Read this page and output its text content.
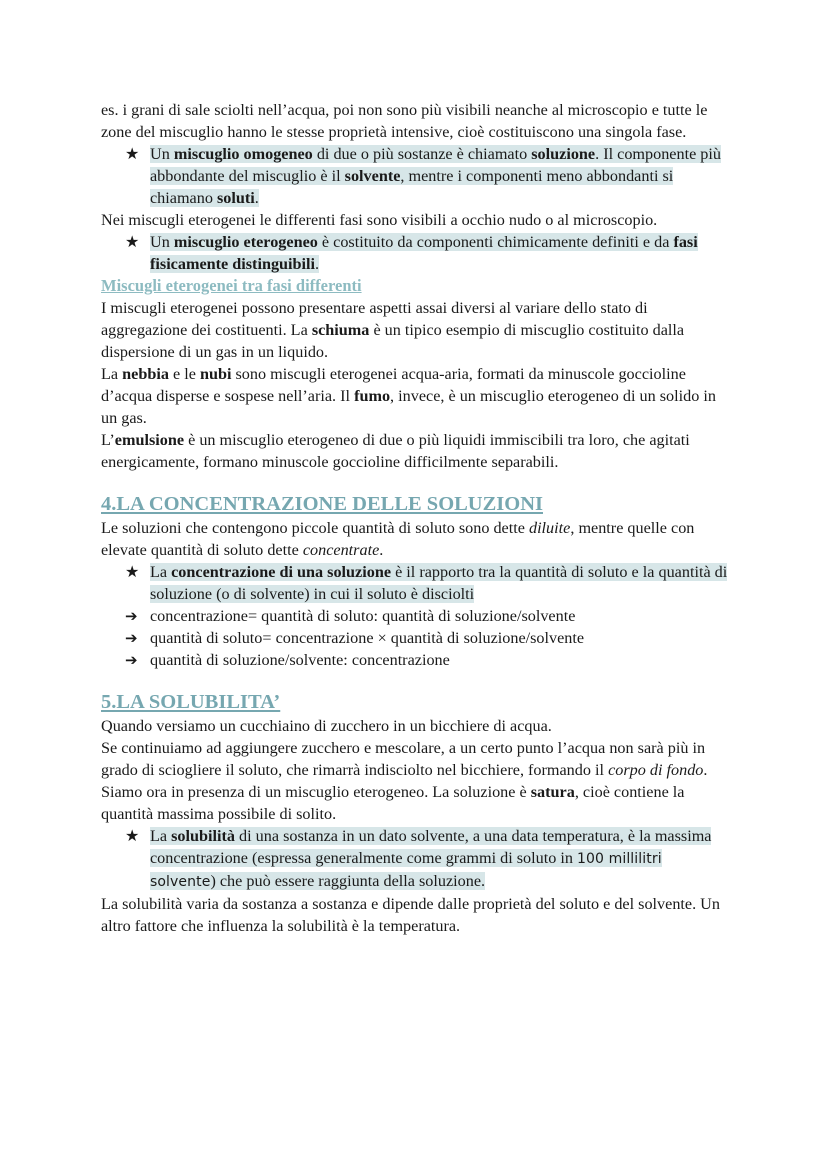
es. i grani di sale sciolti nell’acqua, poi non sono più visibili neanche al microscopio e tutte le zone del miscuglio hanno le stesse proprietà intensive, cioè costituiscono una singola fase.

★ Un miscuglio omogeneo di due o più sostanze è chiamato soluzione. Il componente più abbondante del miscuglio è il solvente, mentre i componenti meno abbondanti si chiamano soluti.

Nei miscugli eterogenei le differenti fasi sono visibili a occhio nudo o al microscopio.

★ Un miscuglio eterogeneo è costituito da componenti chimicamente definiti e da fasi fisicamente distinguibili.

Miscugli eterogenei tra fasi differenti

I miscugli eterogenei possono presentare aspetti assai diversi al variare dello stato di aggregazione dei costituenti. La schiuma è un tipico esempio di miscuglio costituito dalla dispersione di un gas in un liquido.

La nebbia e le nubi sono miscugli eterogenei acqua-aria, formati da minuscole goccioline d’acqua disperse e sospese nell’aria. Il fumo, invece, è un miscuglio eterogeneo di un solido in un gas.

L’emulsione è un miscuglio eterogeneo di due o più liquidi immiscibili tra loro, che agitati energicamente, formano minuscole goccioline difficilmente separabili.

4.LA CONCENTRAZIONE DELLE SOLUZIONI

Le soluzioni che contengono piccole quantità di soluto sono dette diluite, mentre quelle con elevate quantità di soluto dette concentrate.

★ La concentrazione di una soluzione è il rapporto tra la quantità di soluto e la quantità di soluzione (o di solvente) in cui il soluto è disciolti
➔ concentrazione= quantità di soluto: quantità di soluzione/solvente
➔ quantità di soluto= concentrazione × quantità di soluzione/solvente
➔ quantità di soluzione/solvente: concentrazione

5.LA SOLUBILITA’

Quando versiamo un cucchiaino di zucchero in un bicchiere di acqua.

Se continuiamo ad aggiungere zucchero e mescolare, a un certo punto l’acqua non sarà più in grado di sciogliere il soluto, che rimarrà indisciolto nel bicchiere, formando il corpo di fondo.

Siamo ora in presenza di un miscuglio eterogeneo. La soluzione è satura, cioè contiene la quantità massima possibile di solito.

★ La solubilità di una sostanza in un dato solvente, a una data temperatura, è la massima concentrazione (espressa generalmente come grammi di soluto in 100 millilitri solvente) che può essere raggiunta della soluzione.

La solubilità varia da sostanza a sostanza e dipende dalle proprietà del soluto e del solvente. Un altro fattore che influenza la solubilità è la temperatura.
